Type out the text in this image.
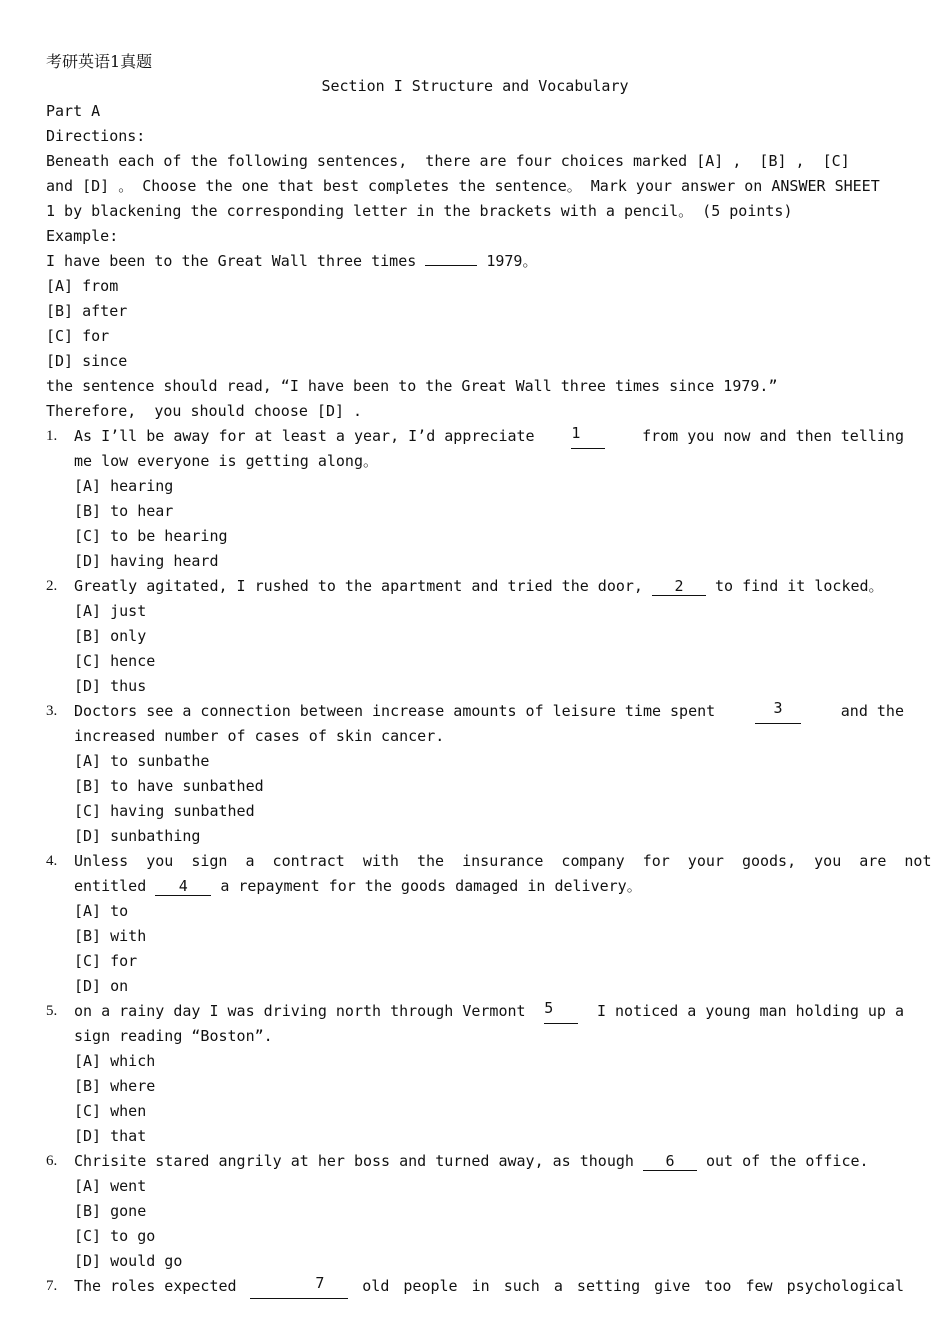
考研英语1真题
Section I Structure and Vocabulary
Part A
Directions:
Beneath each of the following sentences,  there are four choices marked [A] ,  [B] ,  [C]
and [D] 。 Choose the one that best completes the sentence。 Mark your answer on ANSWER SHEET
1 by blackening the corresponding letter in the brackets with a pencil。 (5 points)
Example:
I have been to the Great Wall three times	1979。
[A] from
[B] after
[C] for
[D] since
the sentence should read, “I have been to the Great Wall three times since 1979.”
Therefore,  you should choose [D] .
1. As I’ll be away for at least a year, I’d appreciate 1	from you now and then telling
me low everyone is getting along。
[A] hearing
[B] to hear
[C] to be hearing
[D] having heard
2. Greatly agitated, I rushed to the apartment and tried the door, 2 to find it locked。
[A] just
[B] only
[C] hence
[D] thus
3. Doctors see a connection between increase amounts of leisure time spent	3	and the
increased number of cases of skin cancer.
[A] to sunbathe
[B] to have sunbathed
[C] having sunbathed
[D] sunbathing
4. Unless you sign a contract with the insurance company for your goods, you are not
entitled 4 a repayment for the goods damaged in delivery。
[A] to
[B] with
[C] for
[D] on
5. on a rainy day I was driving north through Vermont 5	I noticed a young man holding up a
sign reading “Boston”.
[A] which
[B] where
[C] when
[D] that
6. Chrisite stared angrily at her boss and turned away, as though 6 out of the office.
[A] went
[B] gone
[C] to go
[D] would go
7. The roles expected	7	old people in such a setting give too few psychological
